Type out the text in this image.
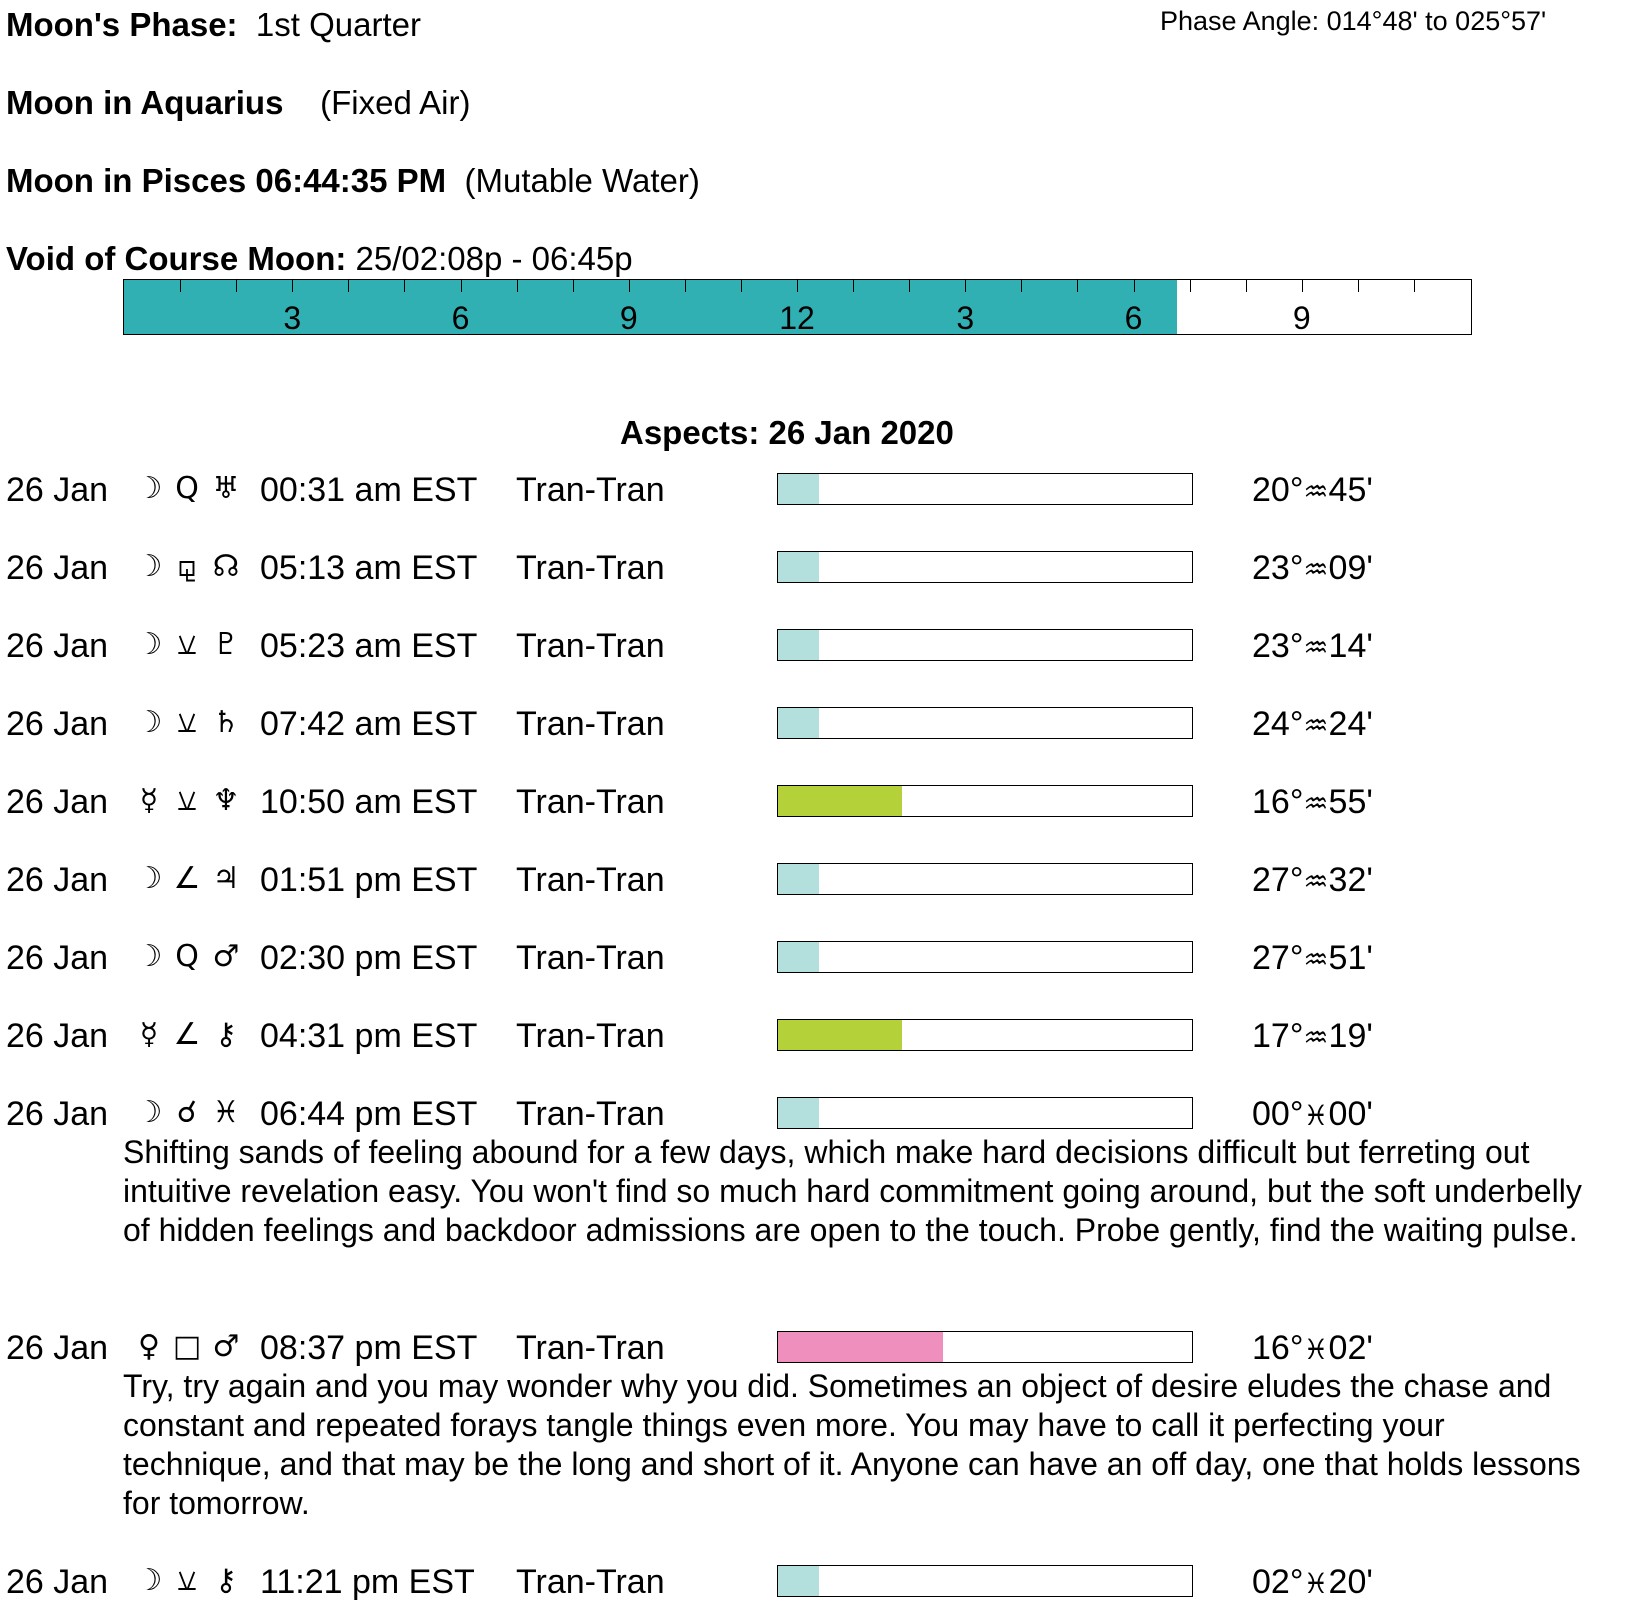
Moon's Phase: 1st Quarter	Phase Angle: 014°48' to 025°57'
Moon in Aquarius (Fixed Air)
Moon in Pisces 06:44:35 PM (Mutable Water)
Void of Course Moon: 25/02:08p - 06:45p
3	6	9	12	3	6	9
Aspects: 26 Jan 2020
26 Jan ☽ Q ♅ 00:31 am EST Tran-Tran	20°♒45'
26 Jan ☽ ⚼ ☊ 05:13 am EST Tran-Tran	23°♒09'
26 Jan ☽ ⚺ ♇ 05:23 am EST Tran-Tran	23°♒14'
26 Jan ☽ ⚺ ♄ 07:42 am EST Tran-Tran	24°♒24'
26 Jan ☿ ⚺ ♆ 10:50 am EST Tran-Tran	16°♒55'
26 Jan ☽ ∠ ♃ 01:51 pm EST Tran-Tran	27°♒32'
26 Jan ☽ Q ♂ 02:30 pm EST Tran-Tran	27°♒51'
26 Jan ☿ ∠ ⚷ 04:31 pm EST Tran-Tran	17°♒19'
26 Jan ☽ ☌ ♓ 06:44 pm EST Tran-Tran	00°♓00'
Shifting sands of feeling abound for a few days, which make hard decisions difficult but ferreting out intuitive revelation easy. You won't find so much hard commitment going around, but the soft underbelly of hidden feelings and backdoor admissions are open to the touch. Probe gently, find the waiting pulse.
26 Jan ♀ □ ♂ 08:37 pm EST Tran-Tran	16°♓02'
Try, try again and you may wonder why you did. Sometimes an object of desire eludes the chase and constant and repeated forays tangle things even more. You may have to call it perfecting your technique, and that may be the long and short of it. Anyone can have an off day, one that holds lessons for tomorrow.
26 Jan ☽ ⚺ ⚷ 11:21 pm EST Tran-Tran	02°♓20'
